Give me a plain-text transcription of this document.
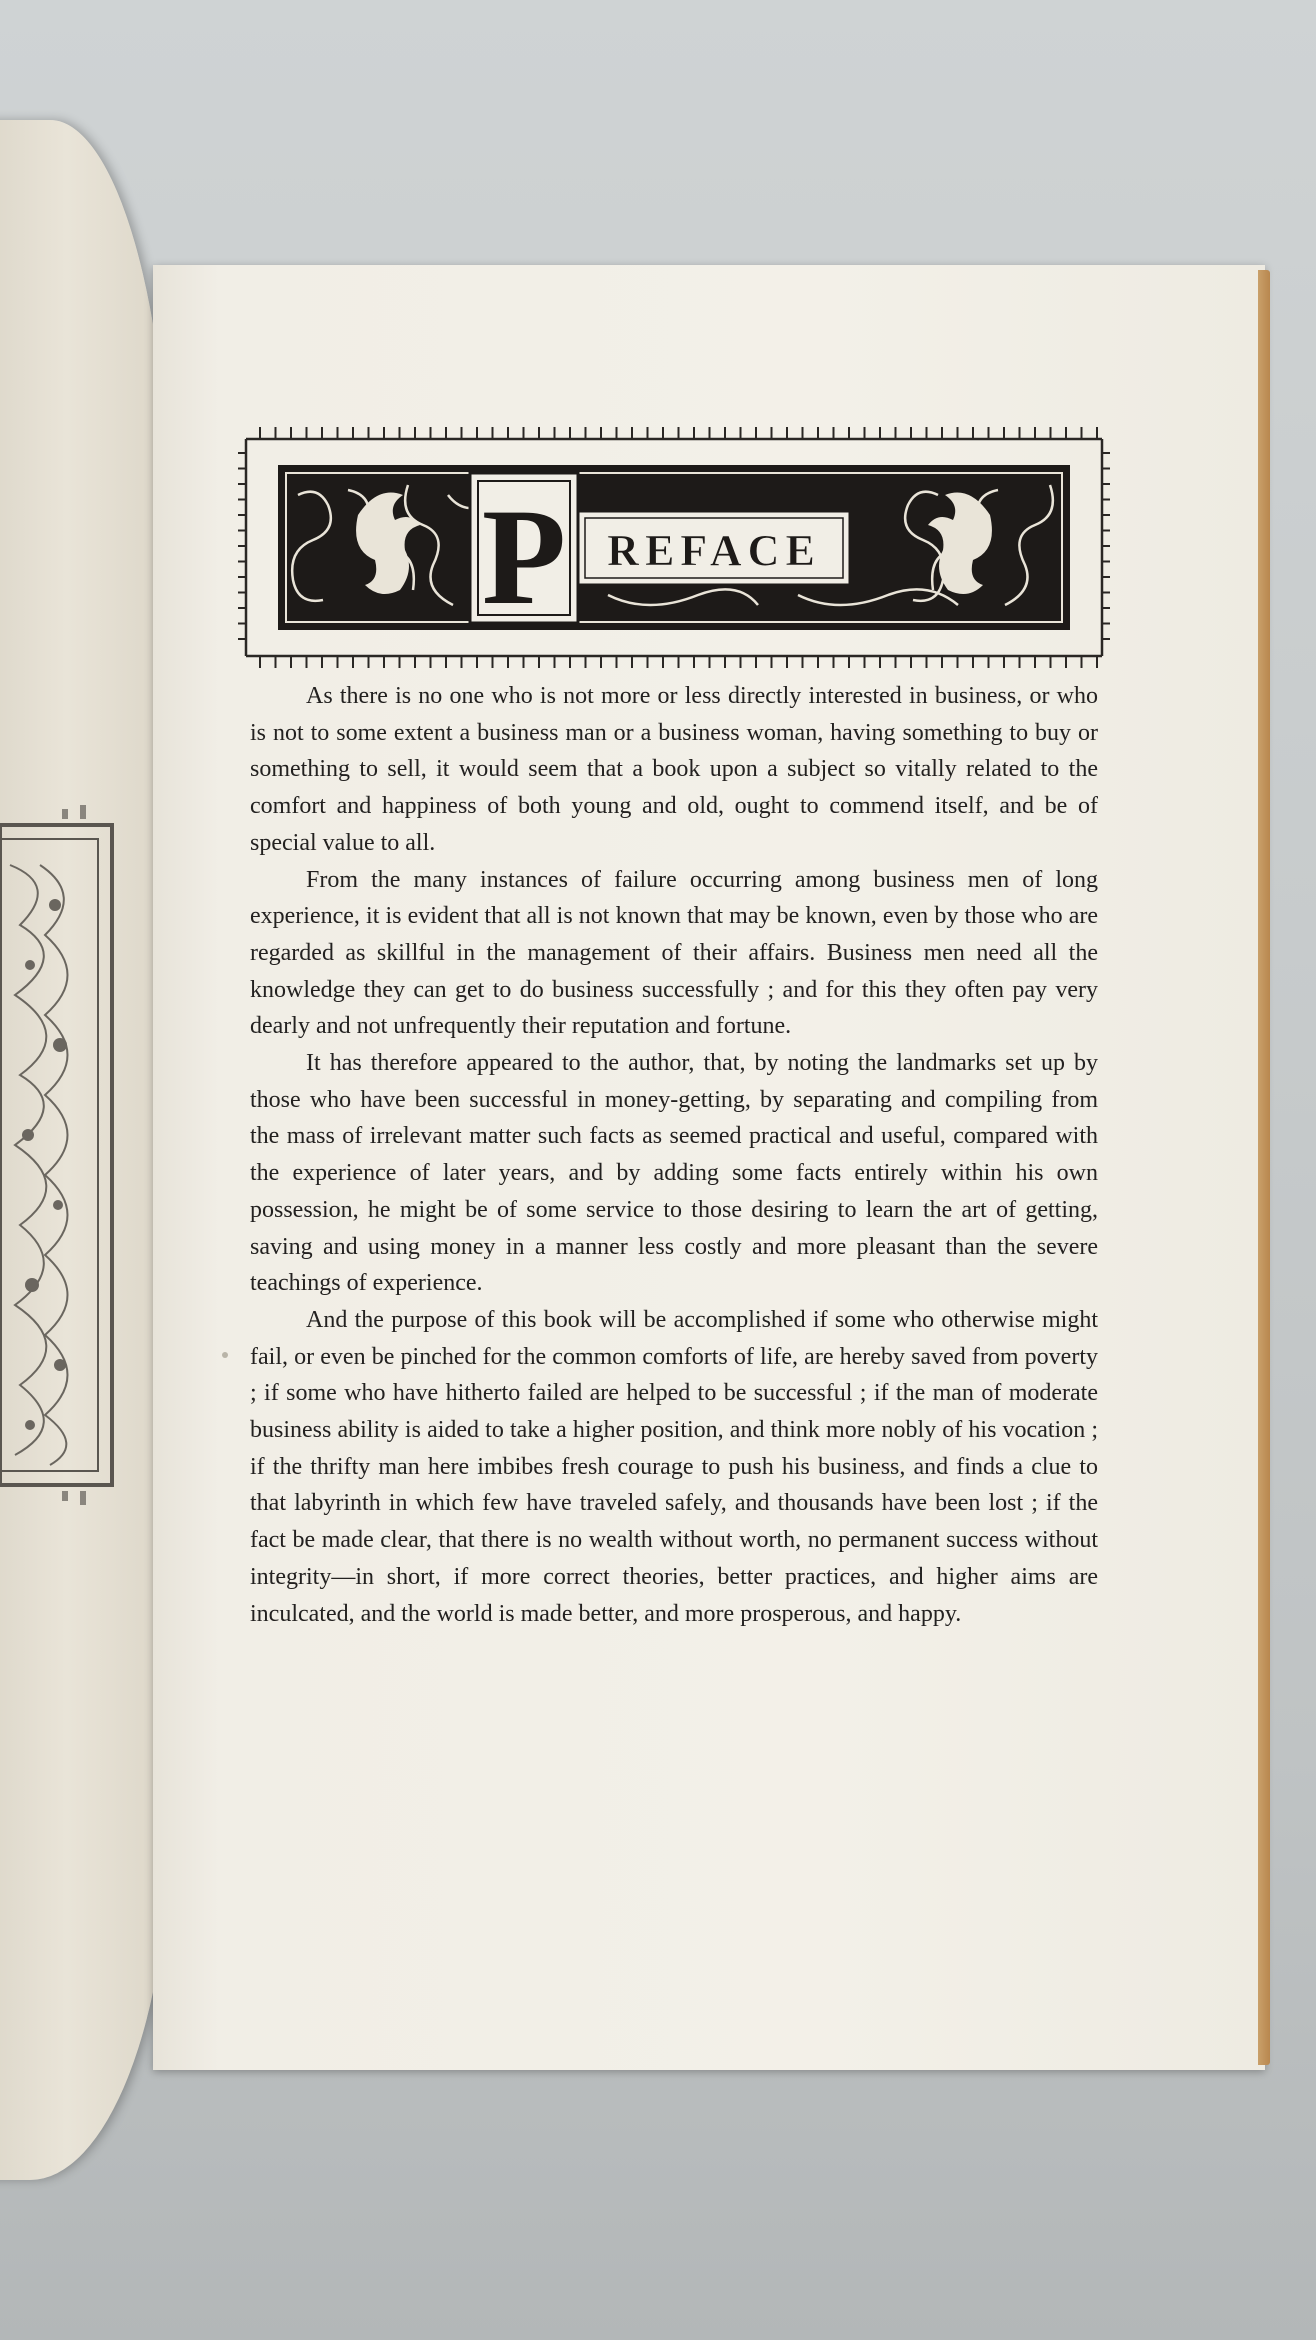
P REFACE

As there is no one who is not more or less directly interested in business, or who is not to some extent a business man or a business woman, having something to buy or something to sell, it would seem that a book upon a subject so vitally related to the comfort and happiness of both young and old, ought to commend itself, and be of special value to all.

From the many instances of failure occurring among business men of long experience, it is evident that all is not known that may be known, even by those who are regarded as skillful in the management of their affairs. Business men need all the knowledge they can get to do business successfully ; and for this they often pay very dearly and not unfrequently their reputation and fortune.

It has therefore appeared to the author, that, by noting the landmarks set up by those who have been successful in money-getting, by separating and compiling from the mass of irrelevant matter such facts as seemed practical and useful, compared with the experience of later years, and by adding some facts entirely within his own possession, he might be of some service to those desiring to learn the art of getting, saving and using money in a manner less costly and more pleasant than the severe teachings of experience.

And the purpose of this book will be accomplished if some who otherwise might fail, or even be pinched for the common comforts of life, are hereby saved from poverty ; if some who have hitherto failed are helped to be successful ; if the man of moderate business ability is aided to take a higher position, and think more nobly of his vocation ; if the thrifty man here imbibes fresh courage to push his business, and finds a clue to that labyrinth in which few have traveled safely, and thousands have been lost ; if the fact be made clear, that there is no wealth without worth, no permanent success without integrity—in short, if more correct theories, better practices, and higher aims are inculcated, and the world is made better, and more prosperous, and happy.
